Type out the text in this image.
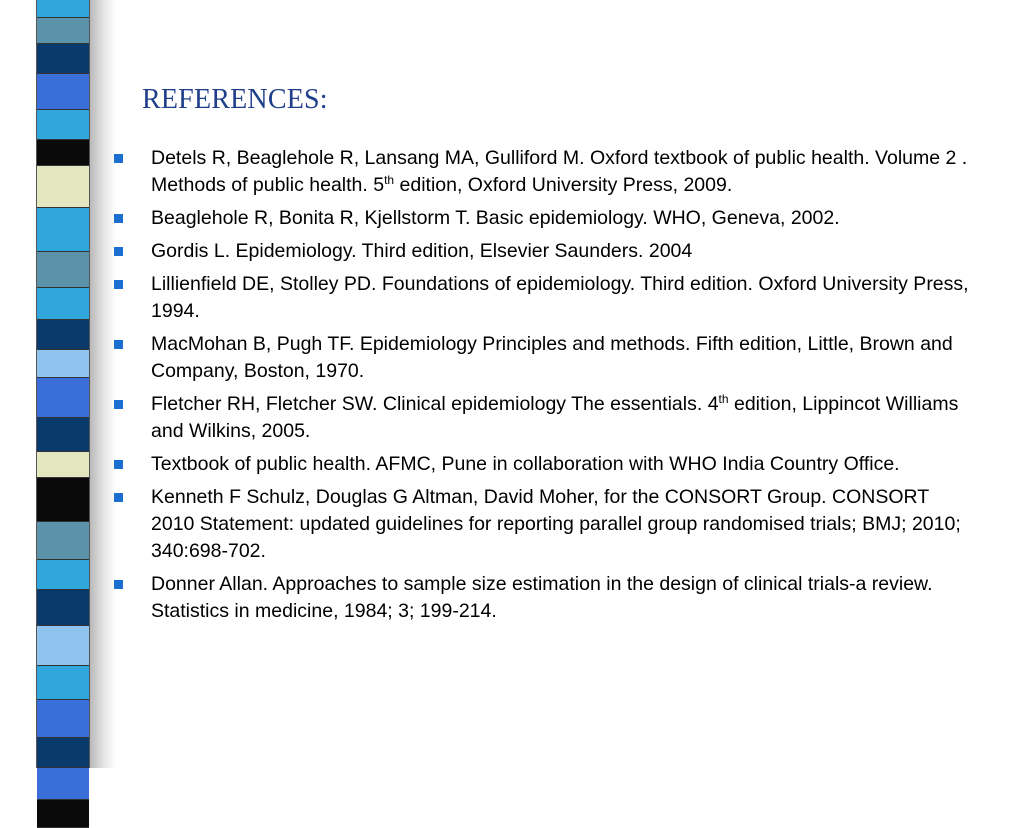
REFERENCES:
Detels R, Beaglehole R, Lansang MA, Gulliford M. Oxford textbook of public health. Volume 2 . Methods of public health. 5th edition, Oxford University Press, 2009.
Beaglehole R, Bonita R, Kjellstorm T. Basic epidemiology. WHO, Geneva, 2002.
Gordis L. Epidemiology. Third edition, Elsevier Saunders. 2004
Lillienfield DE, Stolley PD. Foundations of epidemiology. Third edition. Oxford University Press, 1994.
MacMohan B, Pugh TF. Epidemiology Principles and methods. Fifth edition, Little, Brown and Company, Boston, 1970.
Fletcher RH, Fletcher SW. Clinical epidemiology The essentials. 4th edition, Lippincot Williams and Wilkins, 2005.
Textbook of public health. AFMC, Pune in collaboration with WHO India Country Office.
Kenneth F Schulz, Douglas G Altman, David Moher, for the CONSORT Group. CONSORT 2010 Statement: updated guidelines for reporting parallel group randomised trials; BMJ; 2010; 340:698-702.
Donner Allan. Approaches to sample size estimation in the design of clinical trials-a review. Statistics in medicine, 1984; 3; 199-214.
